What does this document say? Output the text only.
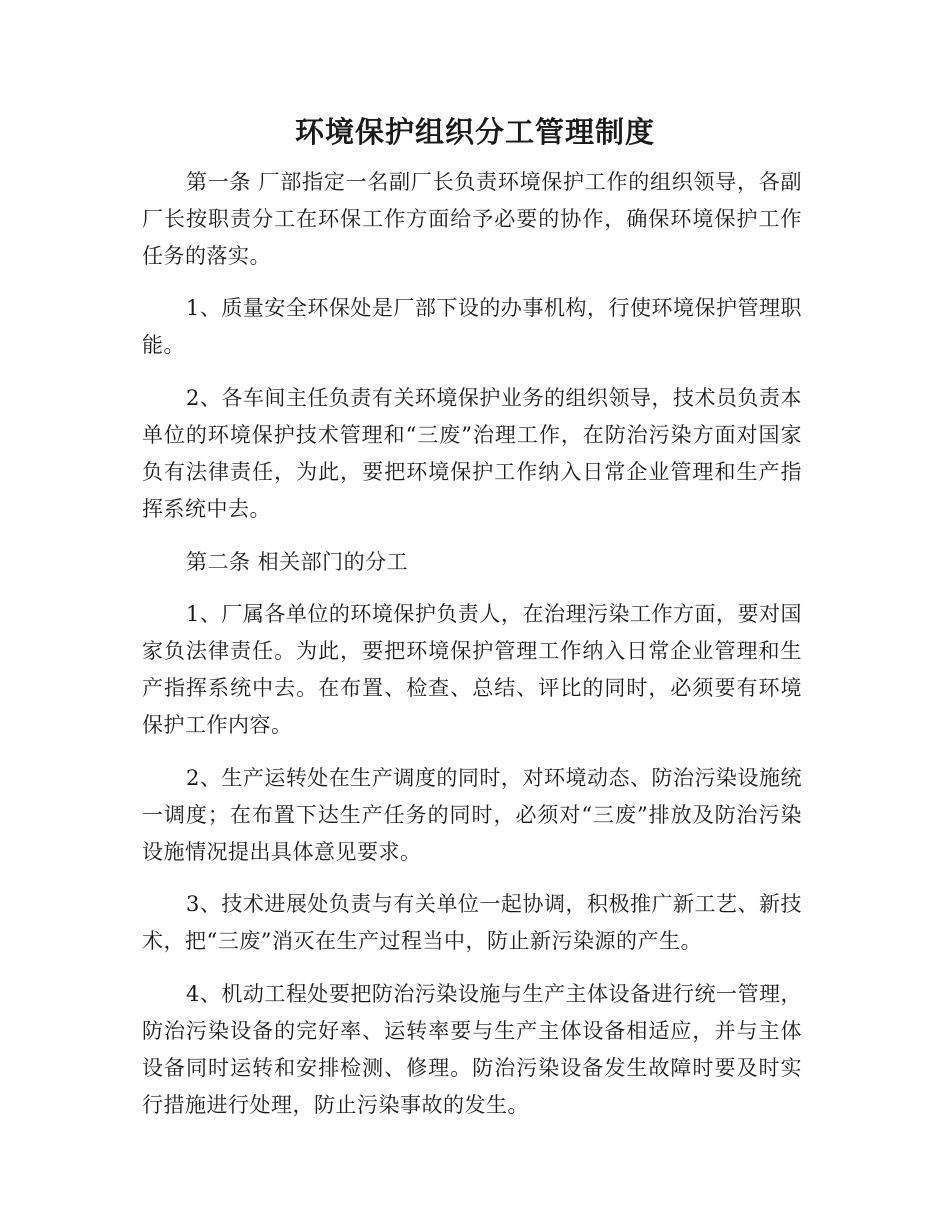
环境保护组织分工管理制度

第一条 厂部指定一名副厂长负责环境保护工作的组织领导，各副厂长按职责分工在环保工作方面给予必要的协作，确保环境保护工作任务的落实。

1、质量安全环保处是厂部下设的办事机构，行使环境保护管理职能。

2、各车间主任负责有关环境保护业务的组织领导，技术员负责本单位的环境保护技术管理和“三废”治理工作，在防治污染方面对国家负有法律责任，为此，要把环境保护工作纳入日常企业管理和生产指挥系统中去。

第二条 相关部门的分工

1、厂属各单位的环境保护负责人，在治理污染工作方面，要对国家负法律责任。为此，要把环境保护管理工作纳入日常企业管理和生产指挥系统中去。在布置、检查、总结、评比的同时，必须要有环境保护工作内容。

2、生产运转处在生产调度的同时，对环境动态、防治污染设施统一调度；在布置下达生产任务的同时，必须对“三废”排放及防治污染设施情况提出具体意见要求。

3、技术进展处负责与有关单位一起协调，积极推广新工艺、新技术，把“三废”消灭在生产过程当中，防止新污染源的产生。

4、机动工程处要把防治污染设施与生产主体设备进行统一管理，防治污染设备的完好率、运转率要与生产主体设备相适应，并与主体设备同时运转和安排检测、修理。防治污染设备发生故障时要及时实行措施进行处理，防止污染事故的发生。
